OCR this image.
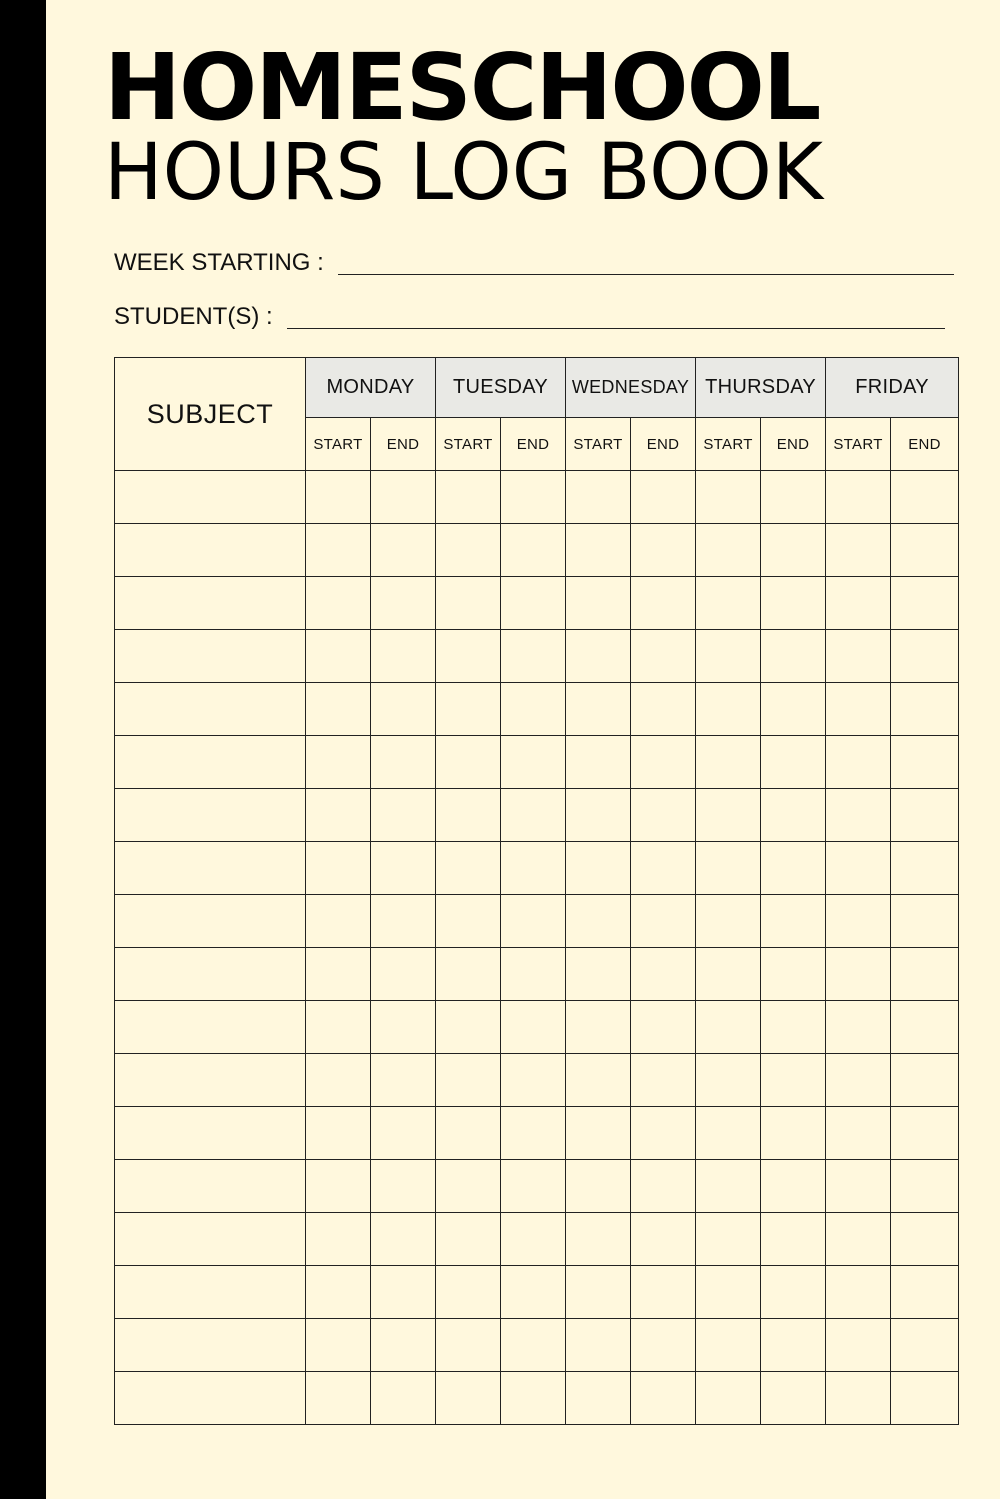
HOMESCHOOL
HOURS LOG BOOK
WEEK STARTING :
STUDENT(S) :
SUBJECT	MONDAY		TUESDAY		WEDNESDAY		THURSDAY		FRIDAY	
	START	END	START	END	START	END	START	END	START	END
